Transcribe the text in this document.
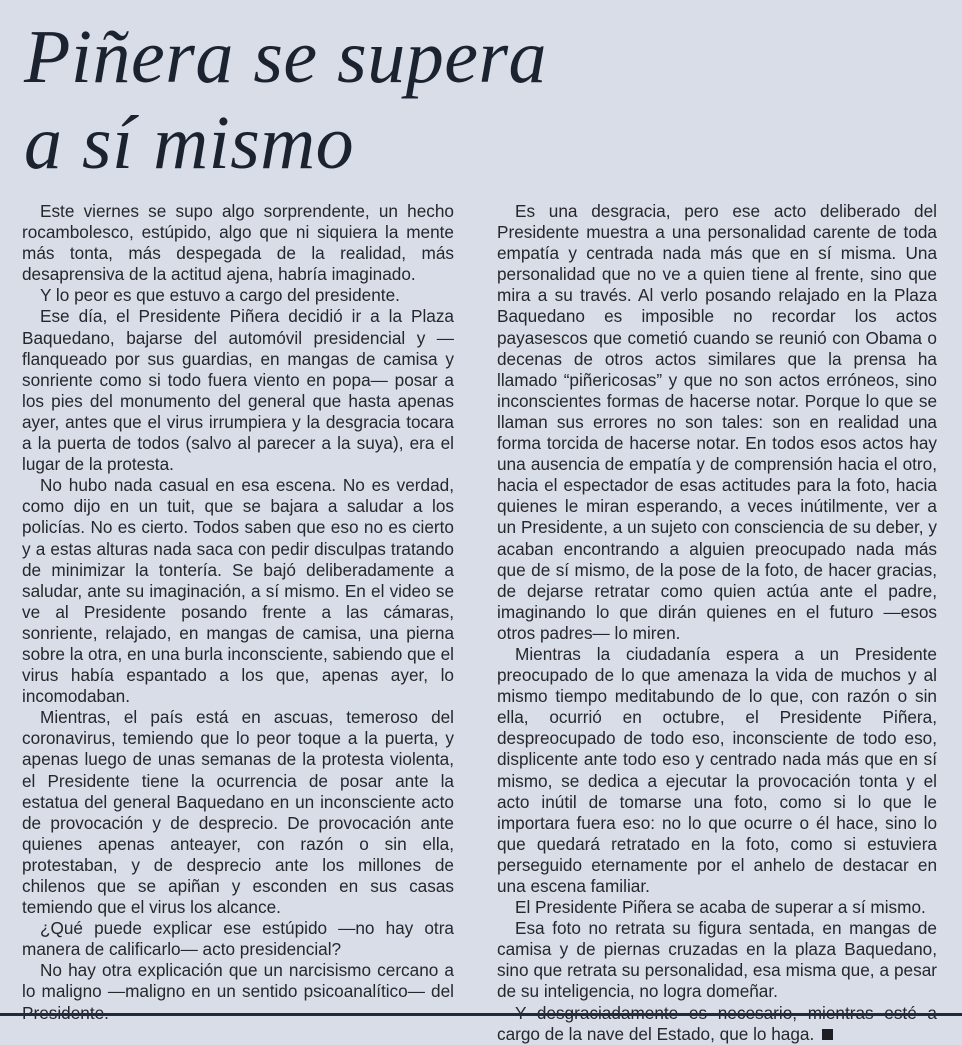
Piñera se supera
a sí mismo

Este viernes se supo algo sorprendente, un hecho rocambolesco, estúpido, algo que ni siquiera la mente más tonta, más despegada de la realidad, más desaprensiva de la actitud ajena, habría imaginado.

Y lo peor es que estuvo a cargo del presidente.

Ese día, el Presidente Piñera decidió ir a la Plaza Baquedano, bajarse del automóvil presidencial y —flanqueado por sus guardias, en mangas de camisa y sonriente como si todo fuera viento en popa— posar a los pies del monumento del general que hasta apenas ayer, antes que el virus irrumpiera y la desgracia tocara a la puerta de todos (salvo al parecer a la suya), era el lugar de la protesta.

No hubo nada casual en esa escena. No es verdad, como dijo en un tuit, que se bajara a saludar a los policías. No es cierto. Todos saben que eso no es cierto y a estas alturas nada saca con pedir disculpas tratando de minimizar la tontería. Se bajó deliberadamente a saludar, ante su imaginación, a sí mismo. En el video se ve al Presidente posando frente a las cámaras, sonriente, relajado, en mangas de camisa, una pierna sobre la otra, en una burla inconsciente, sabiendo que el virus había espantado a los que, apenas ayer, lo incomodaban.

Mientras, el país está en ascuas, temeroso del coronavirus, temiendo que lo peor toque a la puerta, y apenas luego de unas semanas de la protesta violenta, el Presidente tiene la ocurrencia de posar ante la estatua del general Baquedano en un inconsciente acto de provocación y de desprecio. De provocación ante quienes apenas anteayer, con razón o sin ella, protestaban, y de desprecio ante los millones de chilenos que se apiñan y esconden en sus casas temiendo que el virus los alcance.

¿Qué puede explicar ese estúpido —no hay otra manera de calificarlo— acto presidencial?

No hay otra explicación que un narcisismo cercano a lo maligno —maligno en un sentido psicoanalítico— del

Es una desgracia, pero ese acto deliberado del Presidente muestra a una personalidad carente de toda empatía y centrada nada más que en sí misma. Una personalidad que no ve a quien tiene al frente, sino que mira a su través. Al verlo posando relajado en la Plaza Baquedano es imposible no recordar los actos payasescos que cometió cuando se reunió con Obama o decenas de otros actos similares que la prensa ha llamado “piñericosas” y que no son actos erróneos, sino inconscientes formas de hacerse notar. Porque lo que se llaman sus errores no son tales: son en realidad una forma torcida de hacerse notar. En todos esos actos hay una ausencia de empatía y de comprensión hacia el otro, hacia el espectador de esas actitudes para la foto, hacia quienes le miran esperando, a veces inútilmente, ver a un Presidente, a un sujeto con consciencia de su deber, y acaban encontrando a alguien preocupado nada más que de sí mismo, de la pose de la foto, de hacer gracias, de dejarse retratar como quien actúa ante el padre, imaginando lo que dirán quienes en el futuro —esos otros padres— lo miren.

Mientras la ciudadanía espera a un Presidente preocupado de lo que amenaza la vida de muchos y al mismo tiempo meditabundo de lo que, con razón o sin ella, ocurrió en octubre, el Presidente Piñera, despreocupado de todo eso, inconsciente de todo eso, displicente ante todo eso y centrado nada más que en sí mismo, se dedica a ejecutar la provocación tonta y el acto inútil de tomarse una foto, como si lo que le importara fuera eso: no lo que ocurre o él hace, sino lo que quedará retratado en la foto, como si estuviera perseguido eternamente por el anhelo de destacar en una escena familiar.

El Presidente Piñera se acaba de superar a sí mismo.

Esa foto no retrata su figura sentada, en mangas de camisa y de piernas cruzadas en la plaza Baquedano, sino que retrata su personalidad, esa misma que, a pesar de su inteligencia, no logra domeñar.

cargo de la nave del Estado, que lo haga.
